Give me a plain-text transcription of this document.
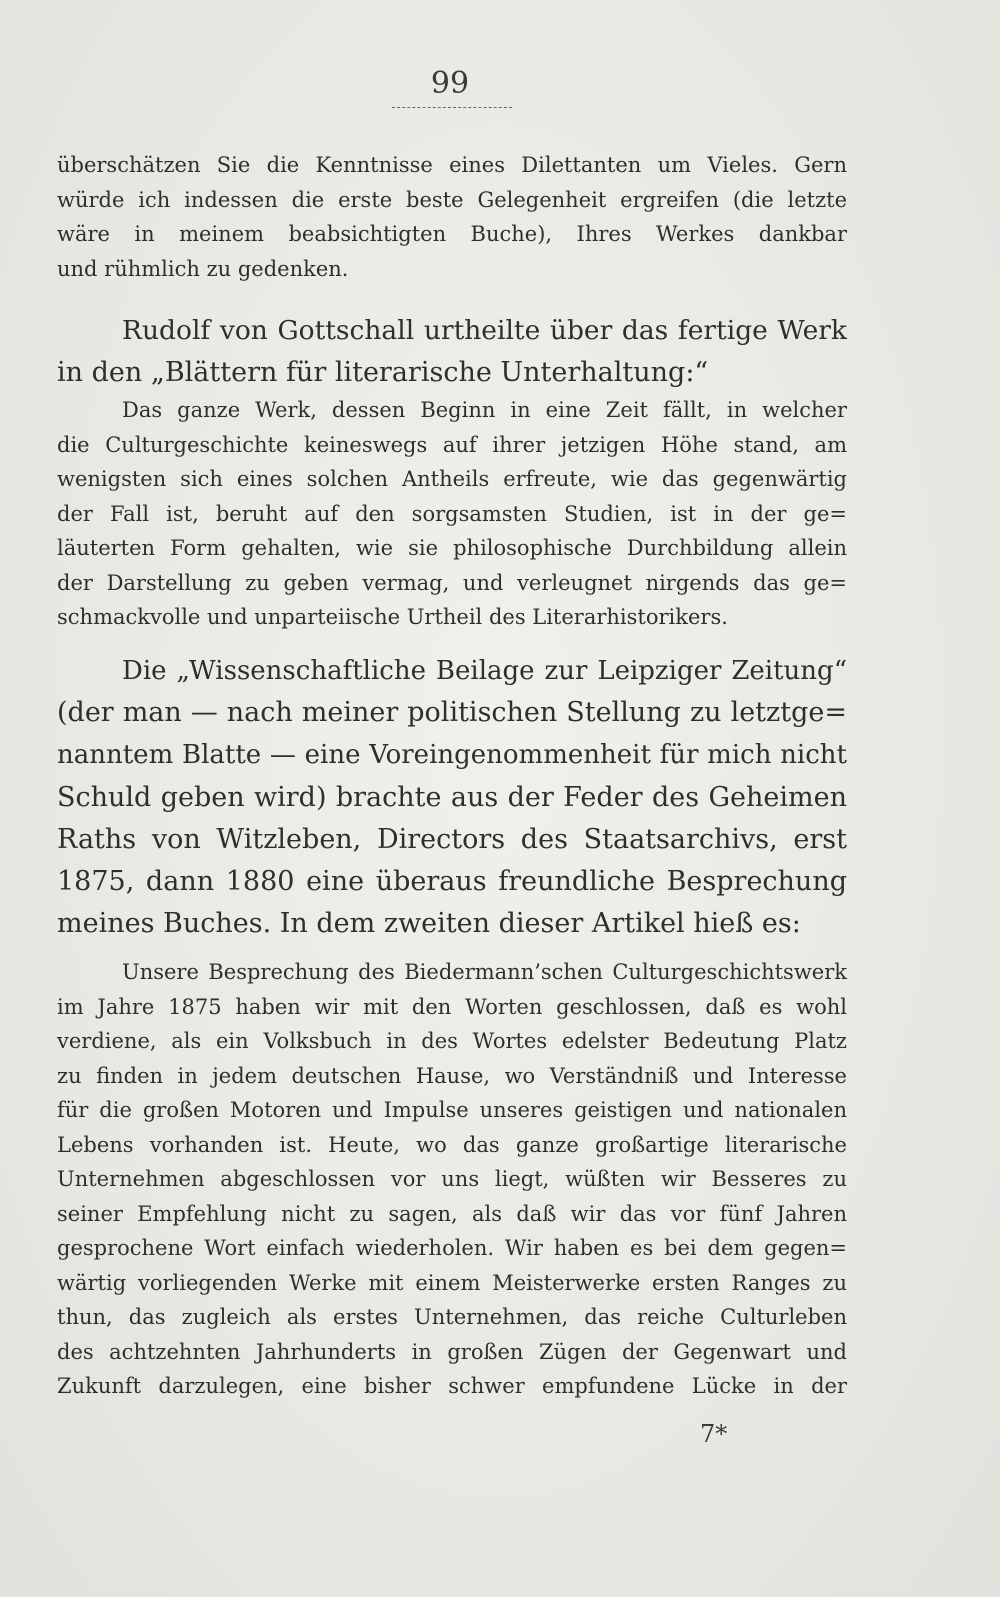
99
überschätzen Sie die Kenntnisse eines Dilettanten um Vieles. Gern
würde ich indessen die erste beste Gelegenheit ergreifen (die letzte
wäre in meinem beabsichtigten Buche), Ihres Werkes dankbar
und rühmlich zu gedenken.
Rudolf von Gottschall urtheilte über das fertige Werk
in den „Blättern für literarische Unterhaltung:“
Das ganze Werk, dessen Beginn in eine Zeit fällt, in welcher
die Culturgeschichte keineswegs auf ihrer jetzigen Höhe stand, am
wenigsten sich eines solchen Antheils erfreute, wie das gegenwärtig
der Fall ist, beruht auf den sorgsamsten Studien, ist in der ge=
läuterten Form gehalten, wie sie philosophische Durchbildung allein
der Darstellung zu geben vermag, und verleugnet nirgends das ge=
schmackvolle und unparteiische Urtheil des Literarhistorikers.
Die „Wissenschaftliche Beilage zur Leipziger Zeitung“
(der man — nach meiner politischen Stellung zu letztge=
nanntem Blatte — eine Voreingenommenheit für mich nicht
Schuld geben wird) brachte aus der Feder des Geheimen
Raths von Witzleben, Directors des Staatsarchivs, erst
1875, dann 1880 eine überaus freundliche Besprechung
meines Buches. In dem zweiten dieser Artikel hieß es:
Unsere Besprechung des Biedermann’schen Culturgeschichtswerk
im Jahre 1875 haben wir mit den Worten geschlossen, daß es wohl
verdiene, als ein Volksbuch in des Wortes edelster Bedeutung Platz
zu finden in jedem deutschen Hause, wo Verständniß und Interesse
für die großen Motoren und Impulse unseres geistigen und nationalen
Lebens vorhanden ist. Heute, wo das ganze großartige literarische
Unternehmen abgeschlossen vor uns liegt, wüßten wir Besseres zu
seiner Empfehlung nicht zu sagen, als daß wir das vor fünf Jahren
gesprochene Wort einfach wiederholen. Wir haben es bei dem gegen=
wärtig vorliegenden Werke mit einem Meisterwerke ersten Ranges zu
thun, das zugleich als erstes Unternehmen, das reiche Culturleben
des achtzehnten Jahrhunderts in großen Zügen der Gegenwart und
Zukunft darzulegen, eine bisher schwer empfundene Lücke in der
7*
